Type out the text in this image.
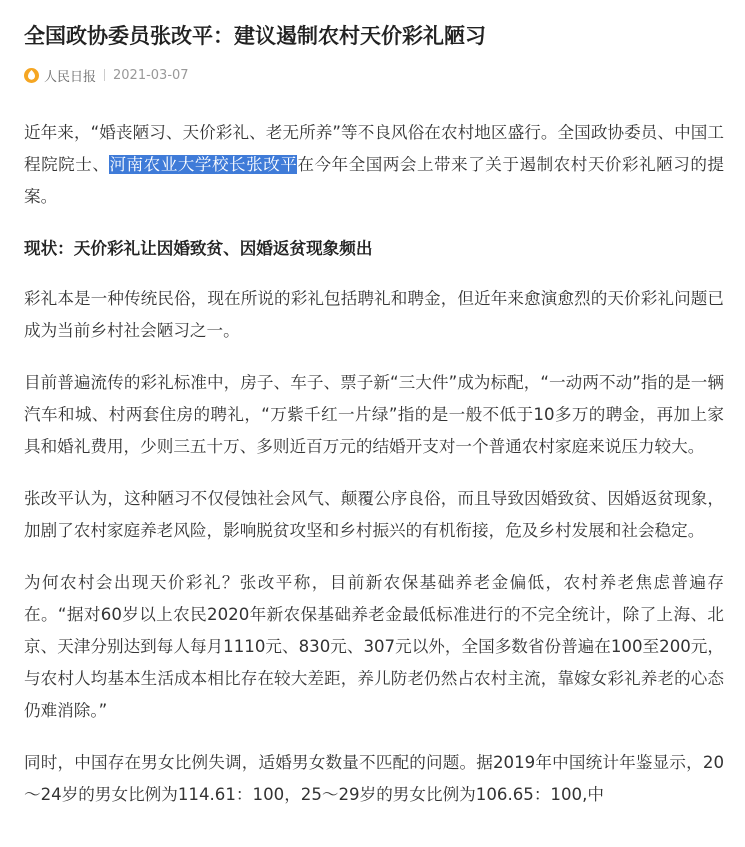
全国政协委员张改平：建议遏制农村天价彩礼陋习
人民日报 2021-03-07

近年来，“婚丧陋习、天价彩礼、老无所养”等不良风俗在农村地区盛行。全国政协委员、中国工程院院士、河南农业大学校长张改平在今年全国两会上带来了关于遏制农村天价彩礼陋习的提案。

现状：天价彩礼让因婚致贫、因婚返贫现象频出

彩礼本是一种传统民俗，现在所说的彩礼包括聘礼和聘金，但近年来愈演愈烈的天价彩礼问题已成为当前乡村社会陋习之一。

目前普遍流传的彩礼标准中，房子、车子、票子新“三大件”成为标配，“一动两不动”指的是一辆汽车和城、村两套住房的聘礼，“万紫千红一片绿”指的是一般不低于10多万的聘金，再加上家具和婚礼费用，少则三五十万、多则近百万元的结婚开支对一个普通农村家庭来说压力较大。

张改平认为，这种陋习不仅侵蚀社会风气、颠覆公序良俗，而且导致因婚致贫、因婚返贫现象，加剧了农村家庭养老风险，影响脱贫攻坚和乡村振兴的有机衔接，危及乡村发展和社会稳定。

为何农村会出现天价彩礼？张改平称，目前新农保基础养老金偏低，农村养老焦虑普遍存在。“据对60岁以上农民2020年新农保基础养老金最低标准进行的不完全统计，除了上海、北京、天津分别达到每人每月1110元、830元、307元以外，全国多数省份普遍在100至200元，与农村人均基本生活成本相比存在较大差距，养儿防老仍然占农村主流，靠嫁女彩礼养老的心态仍难消除。”

同时，中国存在男女比例失调，适婚男女数量不匹配的问题。据2019年中国统计年鉴显示，20～24岁的男女比例为114.61：100，25～29岁的男女比例为106.65：100,中
